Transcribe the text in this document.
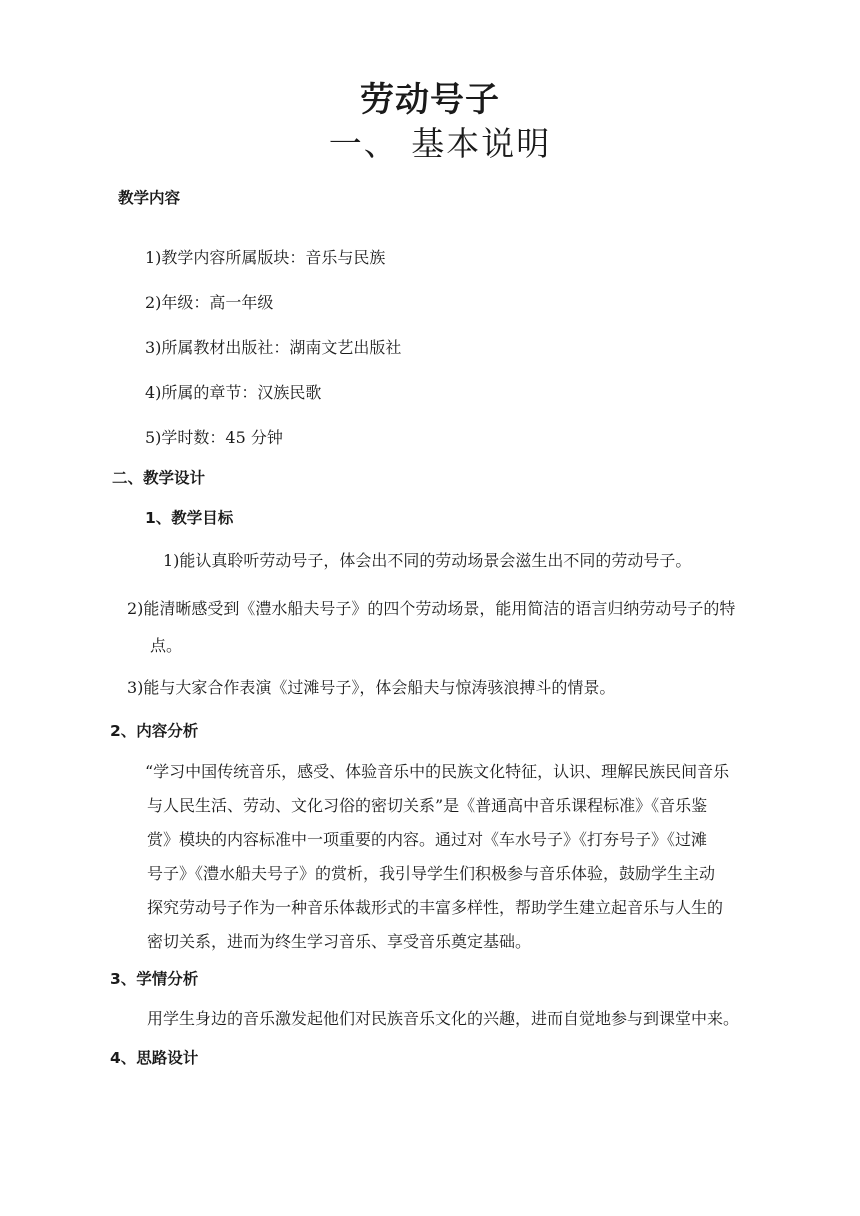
劳动号子
一、 基本说明
教学内容
1)教学内容所属版块：音乐与民族
2)年级：高一年级
3)所属教材出版社：湖南文艺出版社
4)所属的章节：汉族民歌
5)学时数：45 分钟
二、教学设计
1、教学目标
1)能认真聆听劳动号子，体会出不同的劳动场景会滋生出不同的劳动号子。
2)能清晰感受到《澧水船夫号子》的四个劳动场景，能用简洁的语言归纳劳动号子的特
点。
3)能与大家合作表演《过滩号子》，体会船夫与惊涛骇浪搏斗的情景。
2、内容分析
“学习中国传统音乐，感受、体验音乐中的民族文化特征，认识、理解民族民间音乐
与人民生活、劳动、文化习俗的密切关系”是《普通高中音乐课程标准》《音乐鉴
赏》模块的内容标准中一项重要的内容。通过对《车水号子》《打夯号子》《过滩
号子》《澧水船夫号子》的赏析，我引导学生们积极参与音乐体验，鼓励学生主动
探究劳动号子作为一种音乐体裁形式的丰富多样性，帮助学生建立起音乐与人生的
密切关系，进而为终生学习音乐、享受音乐奠定基础。
3、学情分析
用学生身边的音乐激发起他们对民族音乐文化的兴趣，进而自觉地参与到课堂中来。
4、思路设计
